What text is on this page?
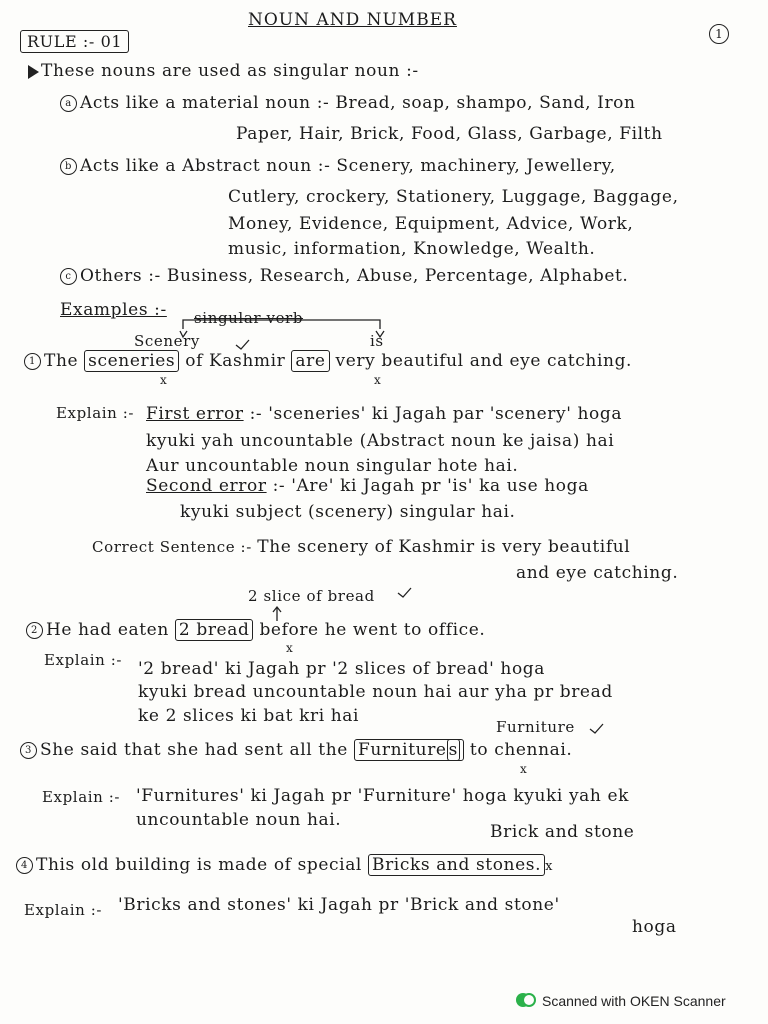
NOUN AND NUMBER
1
RULE :- 01
These nouns are used as singular noun :-
a Acts like a material noun :- Bread, soap, shampo, Sand, Iron
Paper, Hair, Brick, Food, Glass, Garbage, Filth
b Acts like a Abstract noun :- Scenery, machinery, Jewellery,
Cutlery, crockery, Stationery, Luggage, Baggage,
Money, Evidence, Equipment, Advice, Work,
music, information, Knowledge, Wealth.
c Others :- Business, Research, Abuse, Percentage, Alphabet.
Examples :- singular verb
Scenery	is
1 The sceneries of Kashmir are very beautiful and eye catching.
x	x
Explain :- First error :- 'sceneries' ki Jagah par 'scenery' hoga
kyuki yah uncountable (Abstract noun ke jaisa) hai
Aur uncountable noun singular hote hai.
Second error :- 'Are' ki Jagah pr 'is' ka use hoga
kyuki subject (scenery) singular hai.
Correct Sentence :- The scenery of Kashmir is very beautiful
and eye catching.
2 slice of bread
2 He had eaten 2 bread before he went to office.
x
Explain :- '2 bread' ki Jagah pr '2 slices of bread' hoga
kyuki bread uncountable noun hai aur yha pr bread
ke 2 slices ki bat kri hai
Furniture
3 She said that she had sent all the Furniture s to chennai.
x
Explain :- 'Furnitures' ki Jagah pr 'Furniture' hoga kyuki yah ek
uncountable noun hai.
Brick and stone
4 This old building is made of special Bricks and stones. x
Explain :- 'Bricks and stones' ki Jagah pr 'Brick and stone'
hoga
Scanned with OKEN Scanner
